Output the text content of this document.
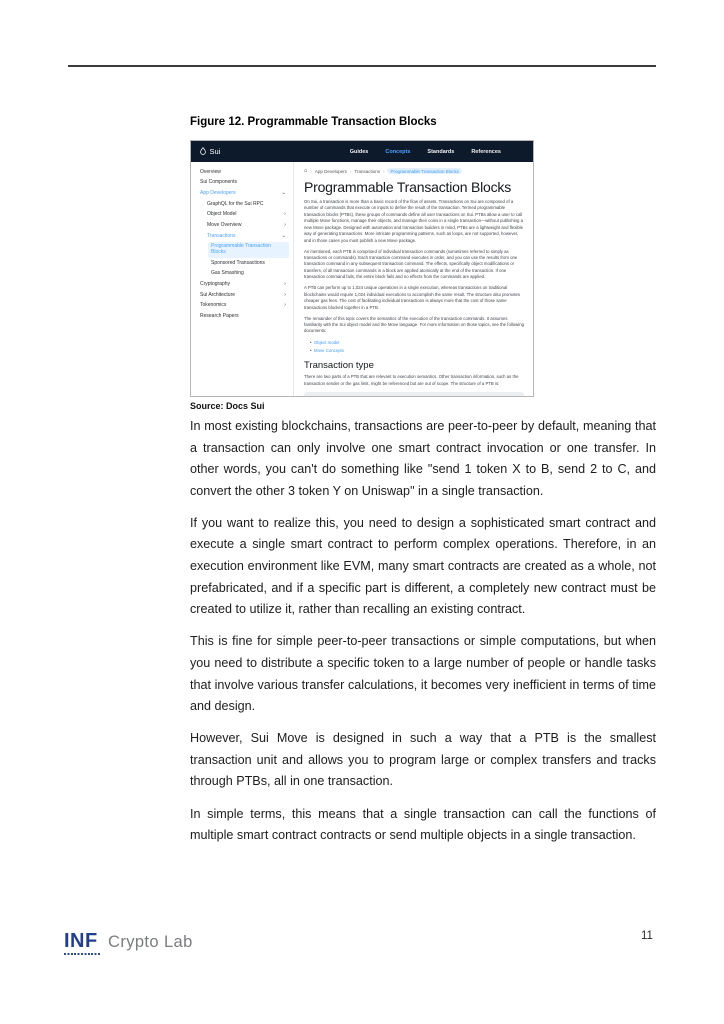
Figure 12. Programmable Transaction Blocks
Sui	Guides	Concepts	Standards	References
Overview
Sui Components
App Developers
⌄
GraphQL for the Sui RPC
Object Model
›
Move Overview
›
Transactions
⌄
Programmable Transaction Blocks
Sponsored Transactions
Gas Smashing
Cryptography
›
Sui Architecture
›
Tokenomics
›
Research Papers
⌂
›
App Developers › Transactions ›	Programmable Transaction Blocks
Programmable Transaction Blocks

On Sui, a transaction is more than a basic record of the flow of assets. Transactions on Sui are composed of a number of commands that execute on inputs to define the result of the transaction. Termed programmable transaction blocks (PTBs), these groups of commands define all user transactions on Sui. PTBs allow a user to call multiple Move functions, manage their objects, and manage their coins in a single transaction—without publishing a new Move package. Designed with automation and transaction builders in mind, PTBs are a lightweight and flexible way of generating transactions. More intricate programming patterns, such as loops, are not supported, however, and in those cases you must publish a new Move package.

As mentioned, each PTB is comprised of individual transaction commands (sometimes referred to simply as transactions or commands). Each transaction command executes in order, and you can use the results from one transaction command in any subsequent transaction command. The effects, specifically object modifications or transfers, of all transaction commands in a block are applied atomically at the end of the transaction. If one transaction command fails, the entire block fails and no effects from the commands are applied.

A PTB can perform up to 1,024 unique operations in a single execution, whereas transactions on traditional blockchains would require 1,024 individual executions to accomplish the same result. The structure also promotes cheaper gas fees. The cost of facilitating individual transactions is always more that the cost of those same transactions blocked together in a PTB.

The remainder of this topic covers the semantics of the execution of the transaction commands. It assumes familiarity with the Sui object model and the Move language. For more information on those topics, see the following documents:

• Object model
• Move Concepts
Transaction type

There are two parts of a PTB that are relevant to execution semantics. Other transaction information, such as the transaction sender or the gas limit, might be referenced but are out of scope. The structure of a PTB is:

Source: Docs Sui

In most existing blockchains, transactions are peer-to-peer by default, meaning that a transaction can only involve one smart contract invocation or one transfer. In other words, you can't do something like "send 1 token X to B, send 2 to C, and convert the other 3 token Y on Uniswap" in a single transaction.

If you want to realize this, you need to design a sophisticated smart contract and execute a single smart contract to perform complex operations. Therefore, in an execution environment like EVM, many smart contracts are created as a whole, not prefabricated, and if a specific part is different, a completely new contract must be created to utilize it, rather than recalling an existing contract.

This is fine for simple peer-to-peer transactions or simple computations, but when you need to distribute a specific token to a large number of people or handle tasks that involve various transfer calculations, it becomes very inefficient in terms of time and design.

However, Sui Move is designed in such a way that a PTB is the smallest transaction unit and allows you to program large or complex transfers and tracks through PTBs, all in one transaction.

In simple terms, this means that a single transaction can call the functions of multiple smart contract contracts or send multiple objects in a single transaction.

INF Crypto Lab	11
